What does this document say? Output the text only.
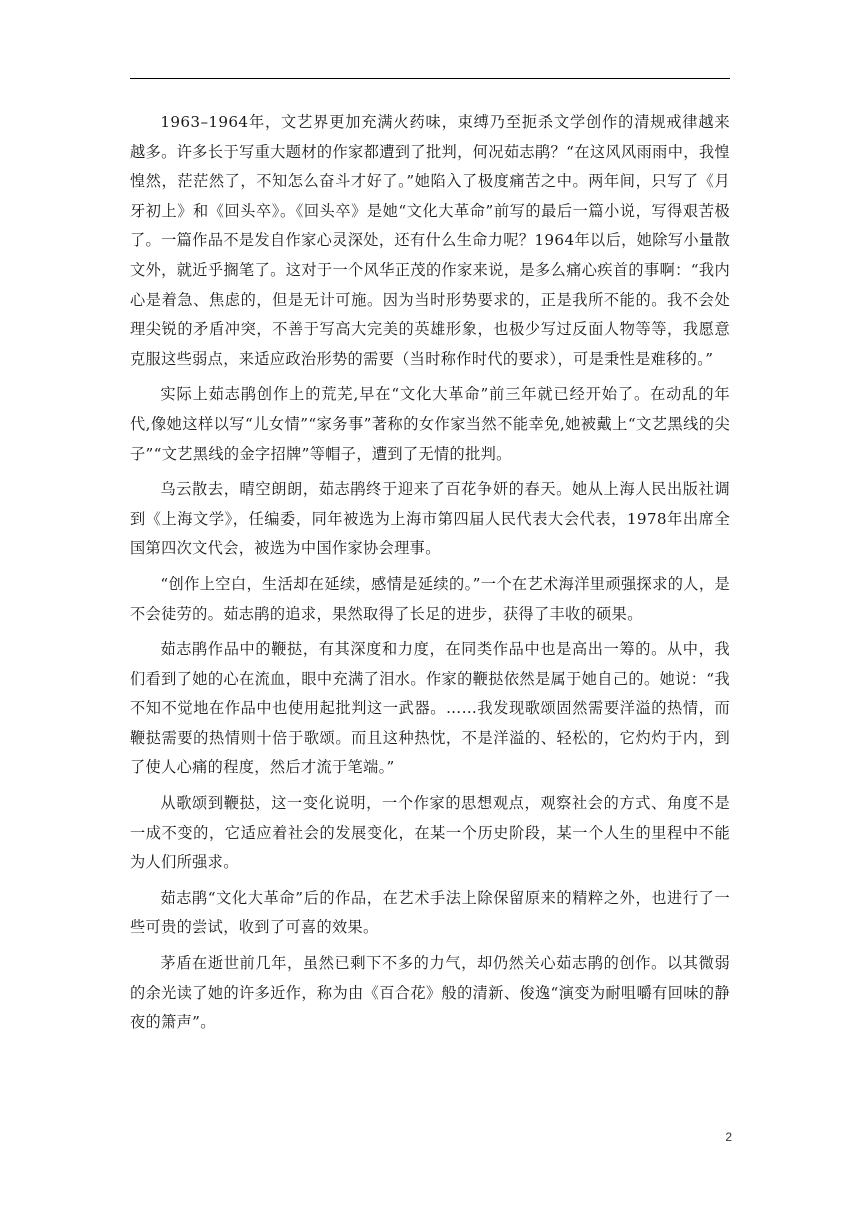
1963–1964年，文艺界更加充满火药味，束缚乃至扼杀文学创作的清规戒律越来越多。许多长于写重大题材的作家都遭到了批判，何况茹志鹃？“在这风风雨雨中，我惶惶然，茫茫然了，不知怎么奋斗才好了。”她陷入了极度痛苦之中。两年间，只写了《月牙初上》和《回头卒》。《回头卒》是她“文化大革命”前写的最后一篇小说，写得艰苦极了。一篇作品不是发自作家心灵深处，还有什么生命力呢？1964年以后，她除写小量散文外，就近乎搁笔了。这对于一个风华正茂的作家来说，是多么痛心疾首的事啊：“我内心是着急、焦虑的，但是无计可施。因为当时形势要求的，正是我所不能的。我不会处理尖锐的矛盾冲突，不善于写高大完美的英雄形象，也极少写过反面人物等等，我愿意克服这些弱点，来适应政治形势的需要（当时称作时代的要求），可是秉性是难移的。”

实际上茹志鹃创作上的荒芜,早在“文化大革命”前三年就已经开始了。在动乱的年代,像她这样以写“儿女情”“家务事”著称的女作家当然不能幸免,她被戴上“文艺黑线的尖子”“文艺黑线的金字招牌”等帽子，遭到了无情的批判。

乌云散去，晴空朗朗，茹志鹃终于迎来了百花争妍的春天。她从上海人民出版社调到《上海文学》，任编委，同年被选为上海市第四届人民代表大会代表，1978年出席全国第四次文代会，被选为中国作家协会理事。

“创作上空白，生活却在延续，感情是延续的。”一个在艺术海洋里顽强探求的人，是不会徒劳的。茹志鹃的追求，果然取得了长足的进步，获得了丰收的硕果。

茹志鹃作品中的鞭挞，有其深度和力度，在同类作品中也是高出一筹的。从中，我们看到了她的心在流血，眼中充满了泪水。作家的鞭挞依然是属于她自己的。她说：“我不知不觉地在作品中也使用起批判这一武器。……我发现歌颂固然需要洋溢的热情，而鞭挞需要的热情则十倍于歌颂。而且这种热忱，不是洋溢的、轻松的，它灼灼于内，到了使人心痛的程度，然后才流于笔端。”

从歌颂到鞭挞，这一变化说明，一个作家的思想观点，观察社会的方式、角度不是一成不变的，它适应着社会的发展变化，在某一个历史阶段，某一个人生的里程中不能为人们所强求。

茹志鹃“文化大革命”后的作品，在艺术手法上除保留原来的精粹之外，也进行了一些可贵的尝试，收到了可喜的效果。

茅盾在逝世前几年，虽然已剩下不多的力气，却仍然关心茹志鹃的创作。以其微弱的余光读了她的许多近作，称为由《百合花》般的清新、俊逸“演变为耐咀嚼有回味的静夜的箫声”。

2
